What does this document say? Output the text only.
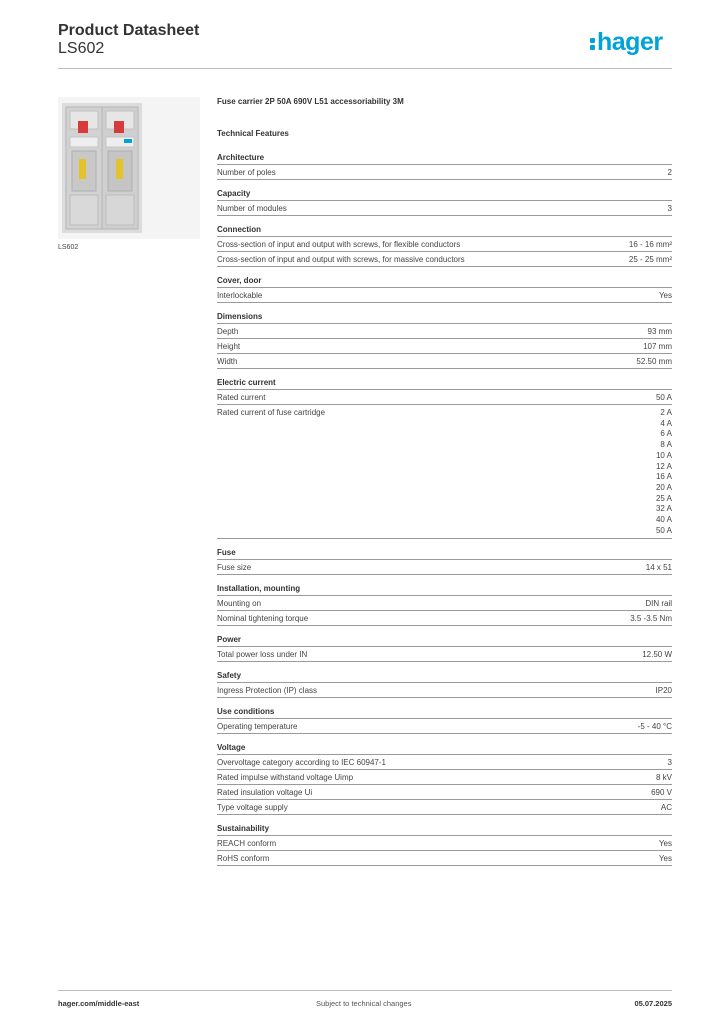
Product Datasheet
LS602	hager
LS602
Fuse carrier 2P 50A 690V L51 accessoriability 3M
Technical Features
Architecture
Number of poles	2
Capacity
Number of modules	3
Connection
Cross-section of input and output with screws, for flexible conductors	16 - 16 mm²
Cross-section of input and output with screws, for massive conductors	25 - 25 mm²
Cover, door
Interlockable	Yes
Dimensions
Depth	93 mm
Height	107 mm
Width	52.50 mm
Electric current
Rated current	50 A
Rated current of fuse cartridge	2 A
4 A
6 A
8 A
10 A
12 A
16 A
20 A
25 A
32 A
40 A
50 A
Fuse
Fuse size	14 x 51
Installation, mounting
Mounting on	DIN rail
Nominal tightening torque	3.5 -3.5 Nm
Power
Total power loss under IN	12.50 W
Safety
Ingress Protection (IP) class	IP20
Use conditions
Operating temperature	-5 - 40 °C
Voltage
Overvoltage category according to IEC 60947-1	3
Rated impulse withstand voltage Uimp	8 kV
Rated insulation voltage Ui	690 V
Type voltage supply	AC
Sustainability
REACH conform	Yes
RoHS conform	Yes
hager.com/middle-east	Subject to technical changes	05.07.2025
